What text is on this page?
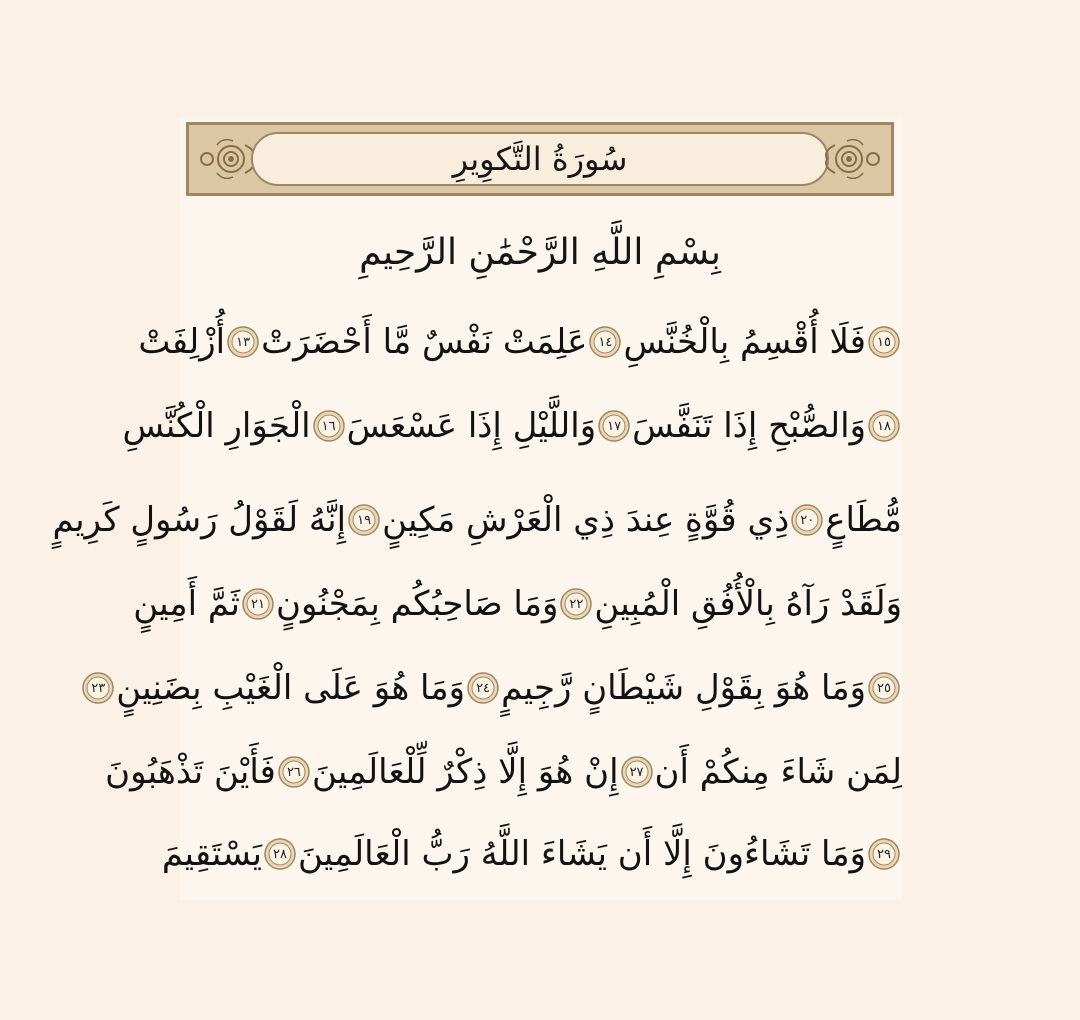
سُورَةُ التَّكوِيرِ
بِسْمِ اللَّهِ الرَّحْمَٰنِ الرَّحِيمِ
١٥
فَلَا أُقْسِمُ بِالْخُنَّسِ
١٤
عَلِمَتْ نَفْسٌ مَّا أَحْضَرَتْ
١٣
أُزْلِفَتْ
١٨
وَالصُّبْحِ إِذَا تَنَفَّسَ
١٧
وَاللَّيْلِ إِذَا عَسْعَسَ
١٦
الْجَوَارِ الْكُنَّسِ
مُّطَاعٍ
٢٠
ذِي قُوَّةٍ عِندَ ذِي الْعَرْشِ مَكِينٍ
١٩
إِنَّهُ لَقَوْلُ رَسُولٍ كَرِيمٍ
وَلَقَدْ رَآهُ بِالْأُفُقِ الْمُبِينِ
٢٢
وَمَا صَاحِبُكُم بِمَجْنُونٍ
٢١
ثَمَّ أَمِينٍ
٢٥
وَمَا هُوَ بِقَوْلِ شَيْطَانٍ رَّجِيمٍ
٢٤
وَمَا هُوَ عَلَى الْغَيْبِ بِضَنِينٍ
٢٣
لِمَن شَاءَ مِنكُمْ أَن
٢٧
إِنْ هُوَ إِلَّا ذِكْرٌ لِّلْعَالَمِينَ
٢٦
فَأَيْنَ تَذْهَبُونَ
٢٩
وَمَا تَشَاءُونَ إِلَّا أَن يَشَاءَ اللَّهُ رَبُّ الْعَالَمِينَ
٢٨
يَسْتَقِيمَ
